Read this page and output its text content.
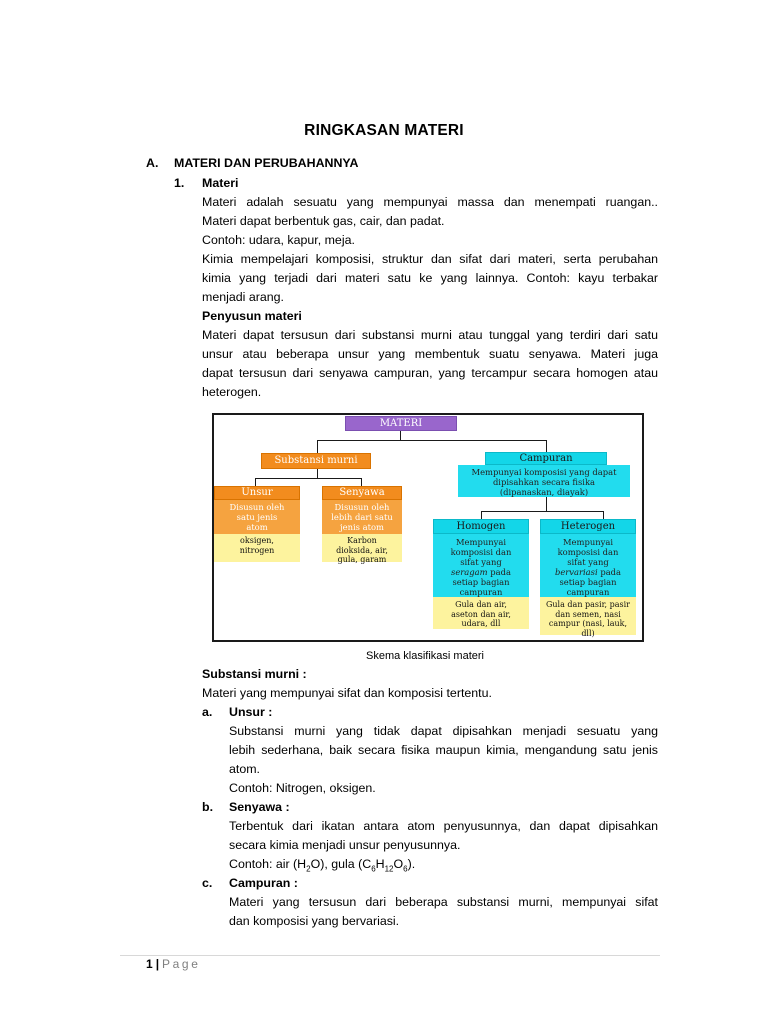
RINGKASAN MATERI
A. MATERI DAN PERUBAHANNYA
1. Materi
Materi adalah sesuatu yang mempunyai massa dan menempati ruangan..
Materi dapat berbentuk gas, cair, dan padat.
Contoh: udara, kapur, meja.
Kimia mempelajari komposisi, struktur dan sifat dari materi, serta perubahan
kimia yang terjadi dari materi satu ke yang lainnya. Contoh: kayu terbakar
menjadi arang.
Penyusun materi
Materi dapat tersusun dari substansi murni atau tunggal yang terdiri dari satu
unsur atau beberapa unsur yang membentuk suatu senyawa. Materi juga
dapat tersusun dari senyawa campuran, yang tercampur secara homogen atau
heterogen.
MATERI
Substansi murni	Campuran
Mempunyai komposisi yang dapat dipisahkan secara fisika (dipanaskan, diayak)
Unsur
Disusun oleh satu jenis atom
oksigen, nitrogen
Senyawa
Disusun oleh lebih dari satu jenis atom
Karbon dioksida, air, gula, garam
Homogen
Mempunyai komposisi dan sifat yang seragam pada setiap bagian campuran
Gula dan air, aseton dan air, udara, dll
Heterogen
Mempunyai komposisi dan sifat yang bervariasi pada setiap bagian campuran
Gula dan pasir, pasir dan semen, nasi campur (nasi, lauk, dll)
Skema klasifikasi materi
Substansi murni :
Materi yang mempunyai sifat dan komposisi tertentu.
a. Unsur :
Substansi murni yang tidak dapat dipisahkan menjadi sesuatu yang
lebih sederhana, baik secara fisika maupun kimia, mengandung satu jenis
atom.
Contoh: Nitrogen, oksigen.
b. Senyawa :
Terbentuk dari ikatan antara atom penyusunnya, dan dapat dipisahkan
secara kimia menjadi unsur penyusunnya.
Contoh: air $(H_2O)$, gula $(C_6H_{12}O_6)$.
c. Campuran :
Materi yang tersusun dari beberapa substansi murni, mempunyai sifat
dan komposisi yang bervariasi.
1 | Page
